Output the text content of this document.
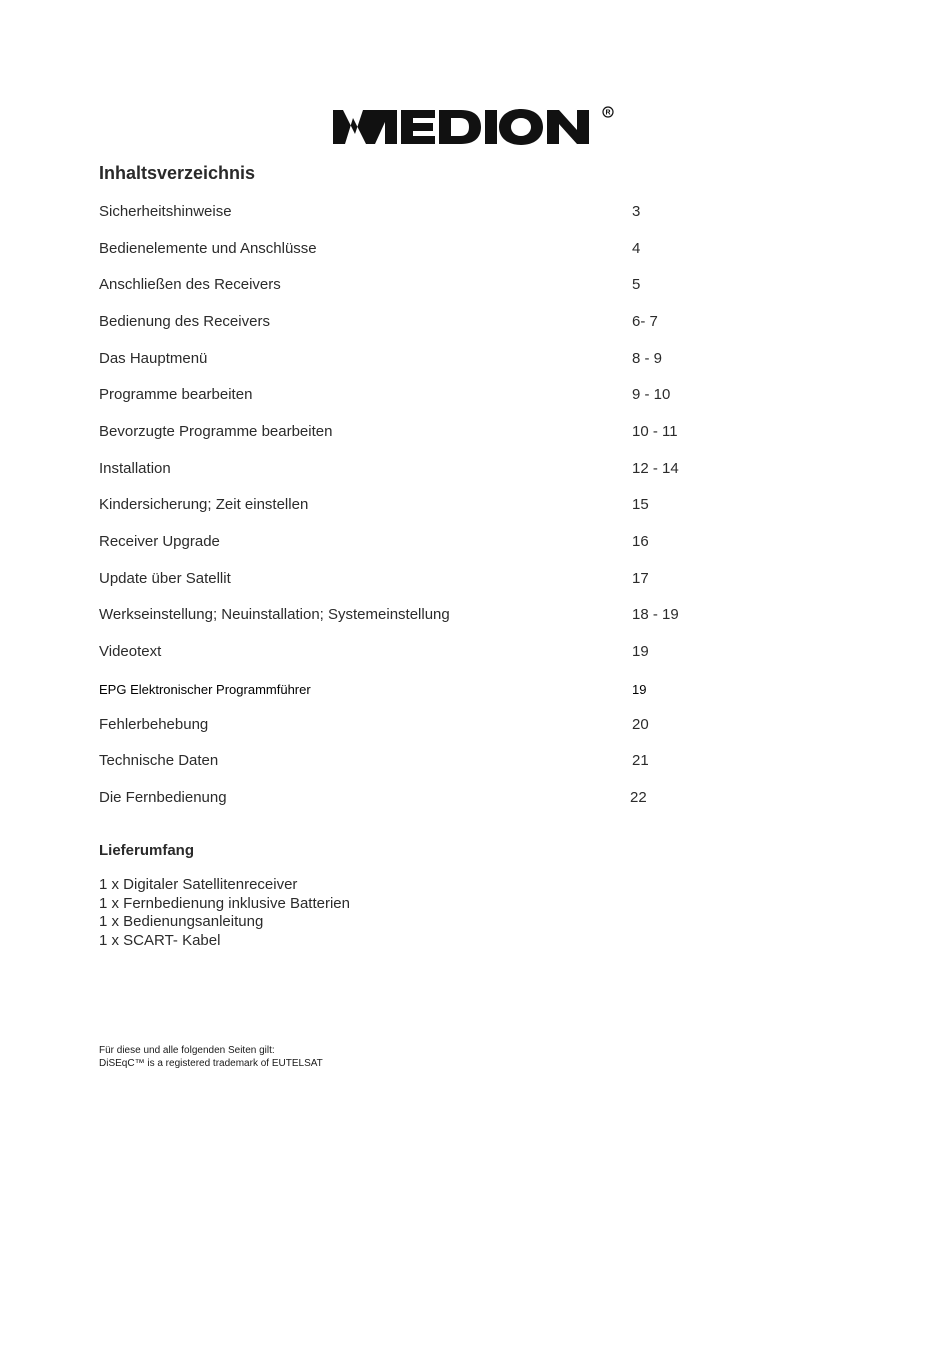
R
Inhaltsverzeichnis
Sicherheitshinweise	3
Bedienelemente und Anschlüsse	4
Anschließen des Receivers	5
Bedienung des Receivers	6- 7
Das Hauptmenü	8 - 9
Programme bearbeiten	9 - 10
Bevorzugte Programme bearbeiten	10 - 11
Installation	12 - 14
Kindersicherung; Zeit einstellen	15
Receiver Upgrade	16
Update über Satellit	17
Werkseinstellung; Neuinstallation; Systemeinstellung	18 - 19
Videotext	19
EPG Elektronischer Programmführer	19
Fehlerbehebung	20
Technische Daten	21
Die Fernbedienung	22
Lieferumfang
1 x Digitaler Satellitenreceiver
1 x Fernbedienung inklusive Batterien
1 x Bedienungsanleitung
1 x SCART- Kabel
Für diese und alle folgenden Seiten gilt:
DiSEqC™ is a registered trademark of EUTELSAT
